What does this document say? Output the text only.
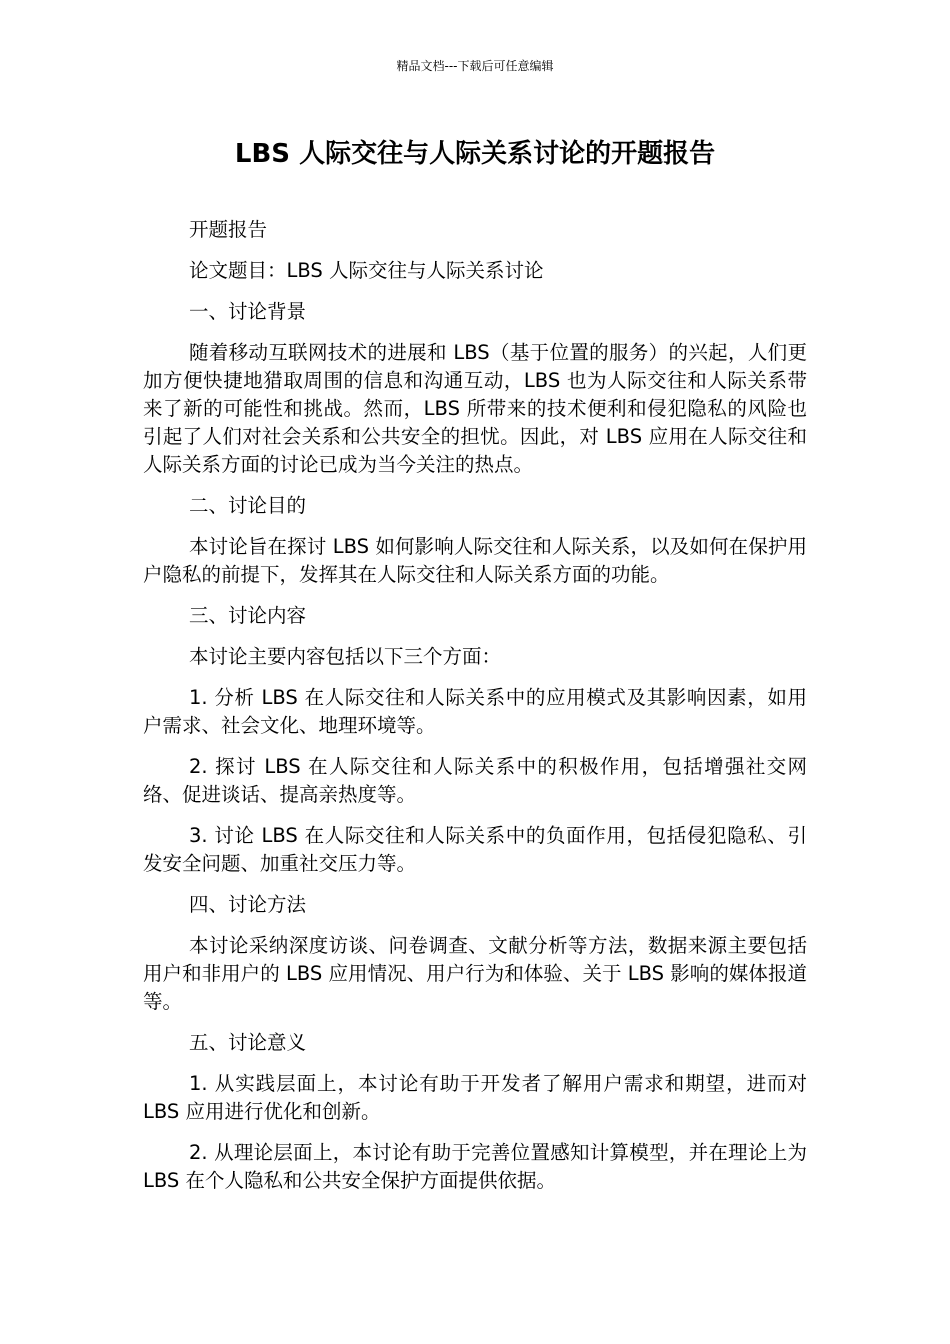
精品文档---下载后可任意编辑
LBS 人际交往与人际关系讨论的开题报告

开题报告

论文题目：LBS 人际交往与人际关系讨论

一、讨论背景

随着移动互联网技术的进展和 LBS（基于位置的服务）的兴起，人们更加方便快捷地猎取周围的信息和沟通互动，LBS 也为人际交往和人际关系带来了新的可能性和挑战。然而，LBS 所带来的技术便利和侵犯隐私的风险也引起了人们对社会关系和公共安全的担忧。因此，对 LBS 应用在人际交往和人际关系方面的讨论已成为当今关注的热点。

二、讨论目的

本讨论旨在探讨 LBS 如何影响人际交往和人际关系，以及如何在保护用户隐私的前提下，发挥其在人际交往和人际关系方面的功能。

三、讨论内容

本讨论主要内容包括以下三个方面：

1. 分析 LBS 在人际交往和人际关系中的应用模式及其影响因素，如用户需求、社会文化、地理环境等。

2. 探讨 LBS 在人际交往和人际关系中的积极作用，包括增强社交网络、促进谈话、提高亲热度等。

3. 讨论 LBS 在人际交往和人际关系中的负面作用，包括侵犯隐私、引发安全问题、加重社交压力等。

四、讨论方法

本讨论采纳深度访谈、问卷调查、文献分析等方法，数据来源主要包括用户和非用户的 LBS 应用情况、用户行为和体验、关于 LBS 影响的媒体报道等。

五、讨论意义

1. 从实践层面上，本讨论有助于开发者了解用户需求和期望，进而对 LBS 应用进行优化和创新。

2. 从理论层面上，本讨论有助于完善位置感知计算模型，并在理论上为 LBS 在个人隐私和公共安全保护方面提供依据。
